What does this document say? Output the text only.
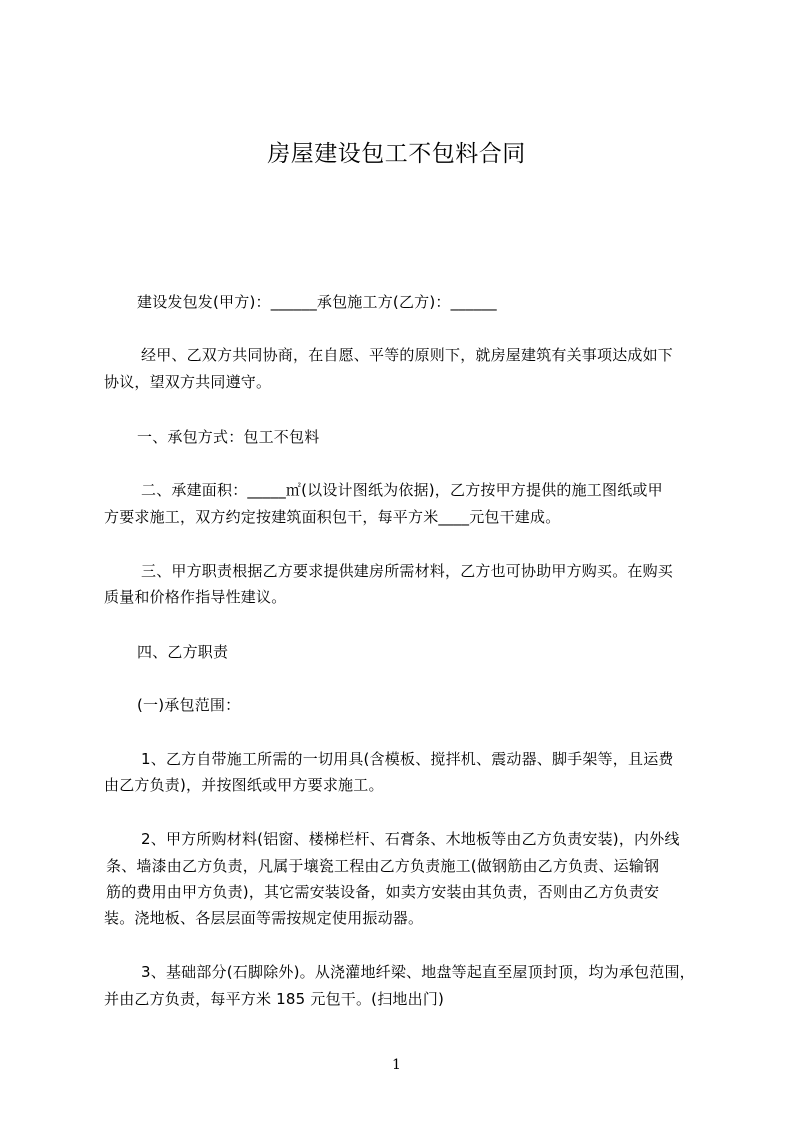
房屋建设包工不包料合同
建设发包发(甲方)：______承包施工方(乙方)：______
经甲、乙双方共同协商，在自愿、平等的原则下，就房屋建筑有关事项达成如下
协议，望双方共同遵守。
一、承包方式：包工不包料
二、承建面积：_____㎡(以设计图纸为依据)，乙方按甲方提供的施工图纸或甲
方要求施工，双方约定按建筑面积包干，每平方米____元包干建成。
三、甲方职责根据乙方要求提供建房所需材料，乙方也可协助甲方购买。在购买
质量和价格作指导性建议。
四、乙方职责
(一)承包范围：
1、乙方自带施工所需的一切用具(含模板、搅拌机、震动器、脚手架等，且运费
由乙方负责)，并按图纸或甲方要求施工。
2、甲方所购材料(铝窗、楼梯栏杆、石膏条、木地板等由乙方负责安装)，内外线
条、墙漆由乙方负责，凡属于壤瓷工程由乙方负责施工(做钢筋由乙方负责、运输钢
筋的费用由甲方负责)，其它需安装设备，如卖方安装由其负责，否则由乙方负责安
装。浇地板、各层层面等需按规定使用振动器。
3、基础部分(石脚除外)。从浇灌地纤梁、地盘等起直至屋顶封顶，均为承包范围，
并由乙方负责，每平方米 185 元包干。(扫地出门)
1
